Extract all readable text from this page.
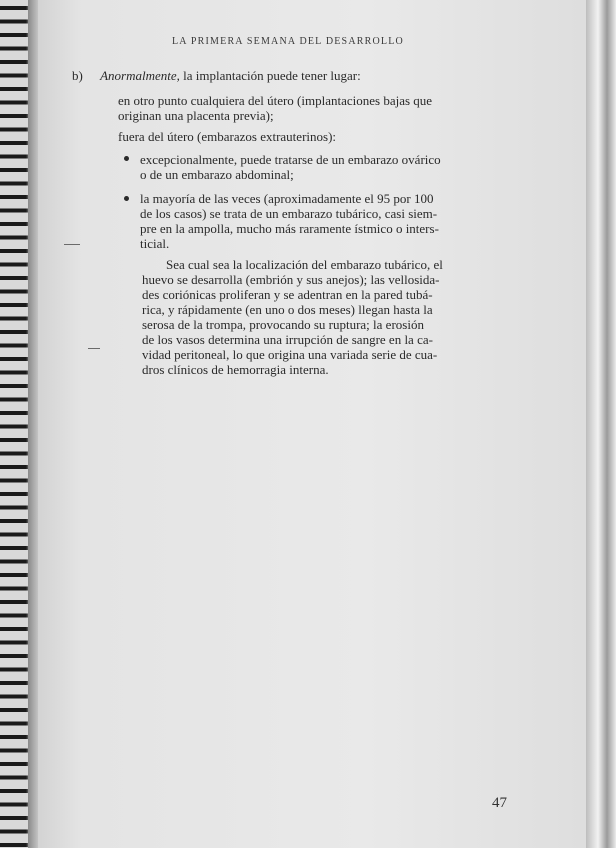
LA PRIMERA SEMANA DEL DESARROLLO
b) Anormalmente, la implantación puede tener lugar:
en otro punto cualquiera del útero (implantaciones bajas que
originan una placenta previa);
fuera del útero (embarazos extrauterinos):
excepcionalmente, puede tratarse de un embarazo ovárico
o de un embarazo abdominal;
la mayoría de las veces (aproximadamente el 95 por 100
de los casos) se trata de un embarazo tubárico, casi siem-
pre en la ampolla, mucho más raramente ístmico o inters-
ticial.
Sea cual sea la localización del embarazo tubárico, el
huevo se desarrolla (embrión y sus anejos); las vellosida-
des coriónicas proliferan y se adentran en la pared tubá-
rica, y rápidamente (en uno o dos meses) llegan hasta la
serosa de la trompa, provocando su ruptura; la erosión
de los vasos determina una irrupción de sangre en la ca-
vidad peritoneal, lo que origina una variada serie de cua-
dros clínicos de hemorragia interna.
47
